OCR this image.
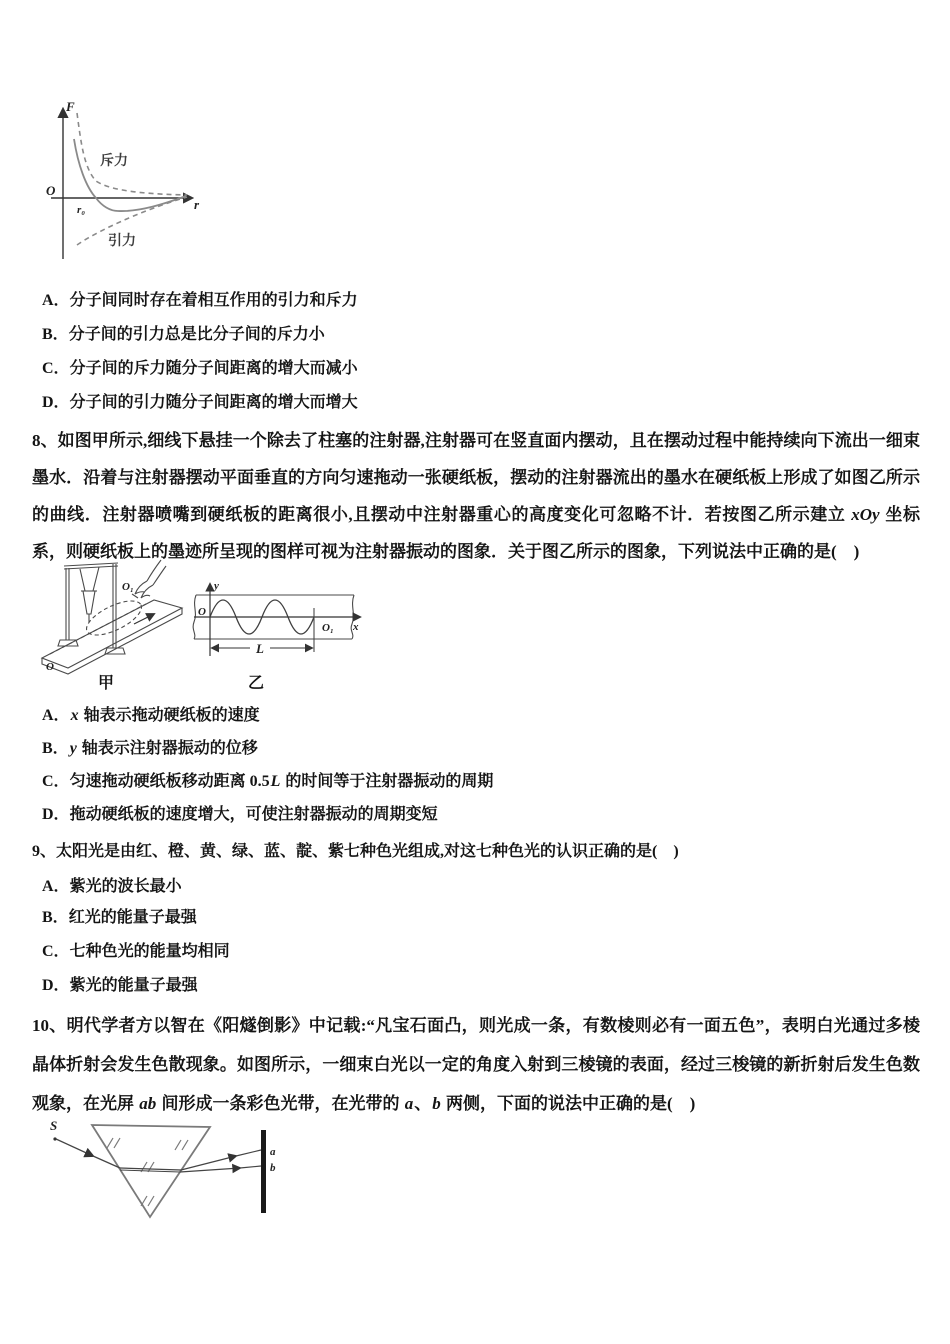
F
O
r
r₀
斥力
引力
A．分子间同时存在着相互作用的引力和斥力
B．分子间的引力总是比分子间的斥力小
C．分子间的斥力随分子间距离的增大而减小
D．分子间的引力随分子间距离的增大而增大
8、如图甲所示,细线下悬挂一个除去了柱塞的注射器,注射器可在竖直面内摆动，且在摆动过程中能持续向下流出一细束墨水．沿着与注射器摆动平面垂直的方向匀速拖动一张硬纸板，摆动的注射器流出的墨水在硬纸板上形成了如图乙所示的曲线．注射器喷嘴到硬纸板的距离很小,且摆动中注射器重心的高度变化可忽略不计．若按图乙所示建立 xOy 坐标系，则硬纸板上的墨迹所呈现的图样可视为注射器振动的图象．关于图乙所示的图象，下列说法中正确的是(　)
O₁
O
甲
L
y
O
x
O₁
乙
A．x 轴表示拖动硬纸板的速度
B．y 轴表示注射器振动的位移
C．匀速拖动硬纸板移动距离 0.5L 的时间等于注射器振动的周期
D．拖动硬纸板的速度增大，可使注射器振动的周期变短
9、太阳光是由红、橙、黄、绿、蓝、靛、紫七种色光组成,对这七种色光的认识正确的是(　)
A．紫光的波长最小
B．红光的能量子最强
C．七种色光的能量均相同
D．紫光的能量子最强
10、明代学者方以智在《阳燧倒影》中记载:“凡宝石面凸，则光成一条，有数棱则必有一面五色”，表明白光通过多棱晶体折射会发生色散现象。如图所示，一细束白光以一定的角度入射到三棱镜的表面，经过三梭镜的新折射后发生色数观象，在光屏 ab 间形成一条彩色光带，在光带的 a、b 两侧，下面的说法中正确的是(　)
S
a
b
